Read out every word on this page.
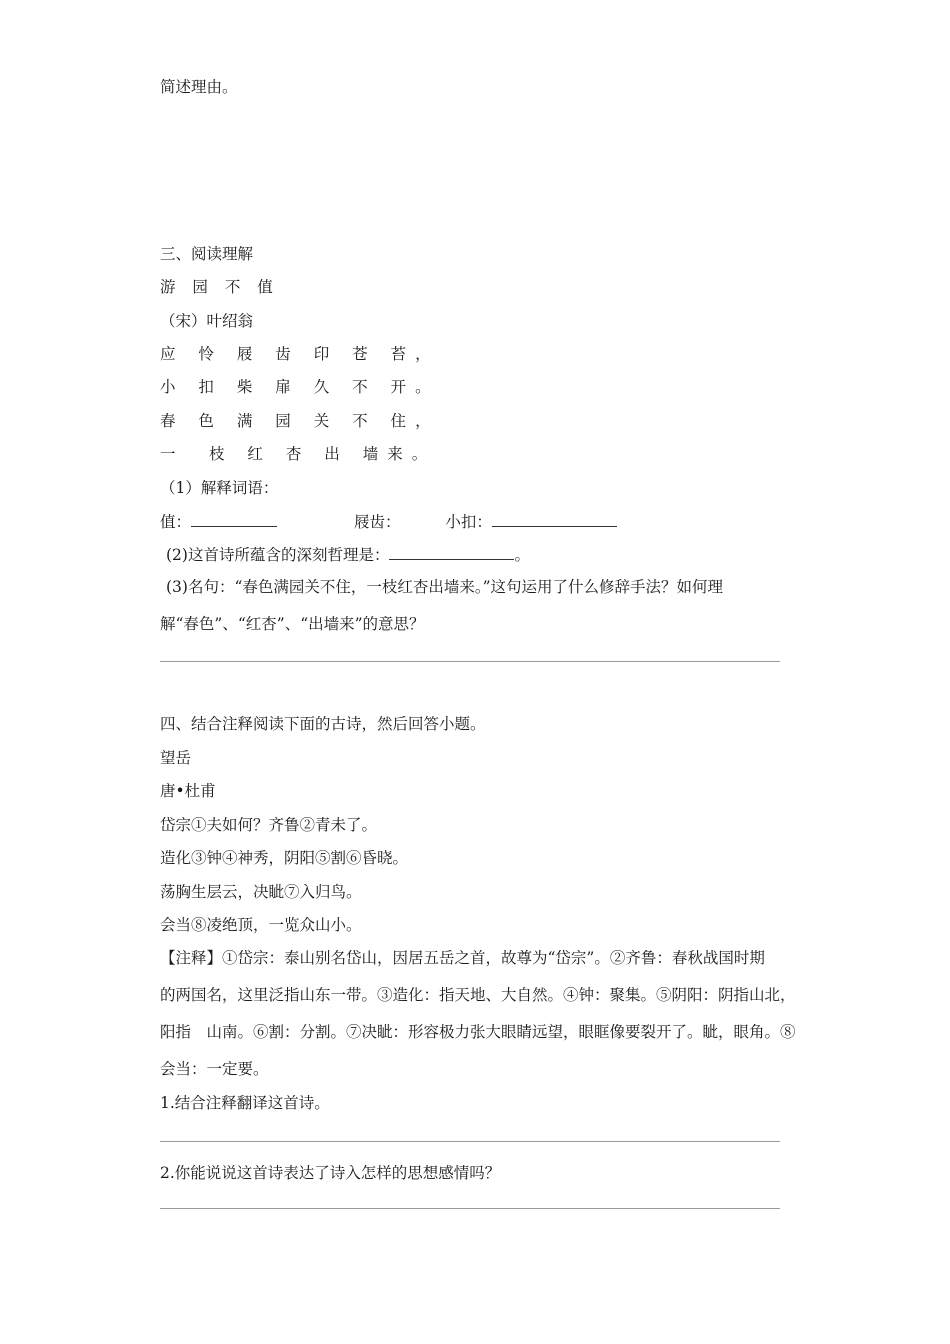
简述理由。
三、阅读理解
游 园 不 值
（宋）叶绍翁
应 怜 屐 齿 印 苍 苔，
小 扣 柴 扉 久 不 开。
春 色 满 园 关 不 住，
一　枝 红 杏 出 墙来。
（1）解释词语：
值：	屐齿：	小扣：
(2)这首诗所蕴含的深刻哲理是：	。
(3)名句：“春色满园关不住，一枝红杏出墙来。”这句运用了什么修辞手法？如何理
解“春色”、“红杏”、“出墙来”的意思？
四、结合注释阅读下面的古诗，然后回答小题。
望岳
唐•杜甫
岱宗①夫如何？齐鲁②青未了。
造化③钟④神秀，阴阳⑤割⑥昏晓。
荡胸生层云，决眦⑦入归鸟。
会当⑧凌绝顶，一览众山小。
【注释】①岱宗：泰山别名岱山，因居五岳之首，故尊为“岱宗”。②齐鲁：春秋战国时期
的两国名，这里泛指山东一带。③造化：指天地、大自然。④钟：聚集。⑤阴阳：阴指山北，
阳指　山南。⑥割：分割。⑦决眦：形容极力张大眼睛远望，眼眶像要裂开了。眦，眼角。⑧
会当：一定要。
1.结合注释翻译这首诗。
2.你能说说这首诗表达了诗入怎样的思想感情吗？
